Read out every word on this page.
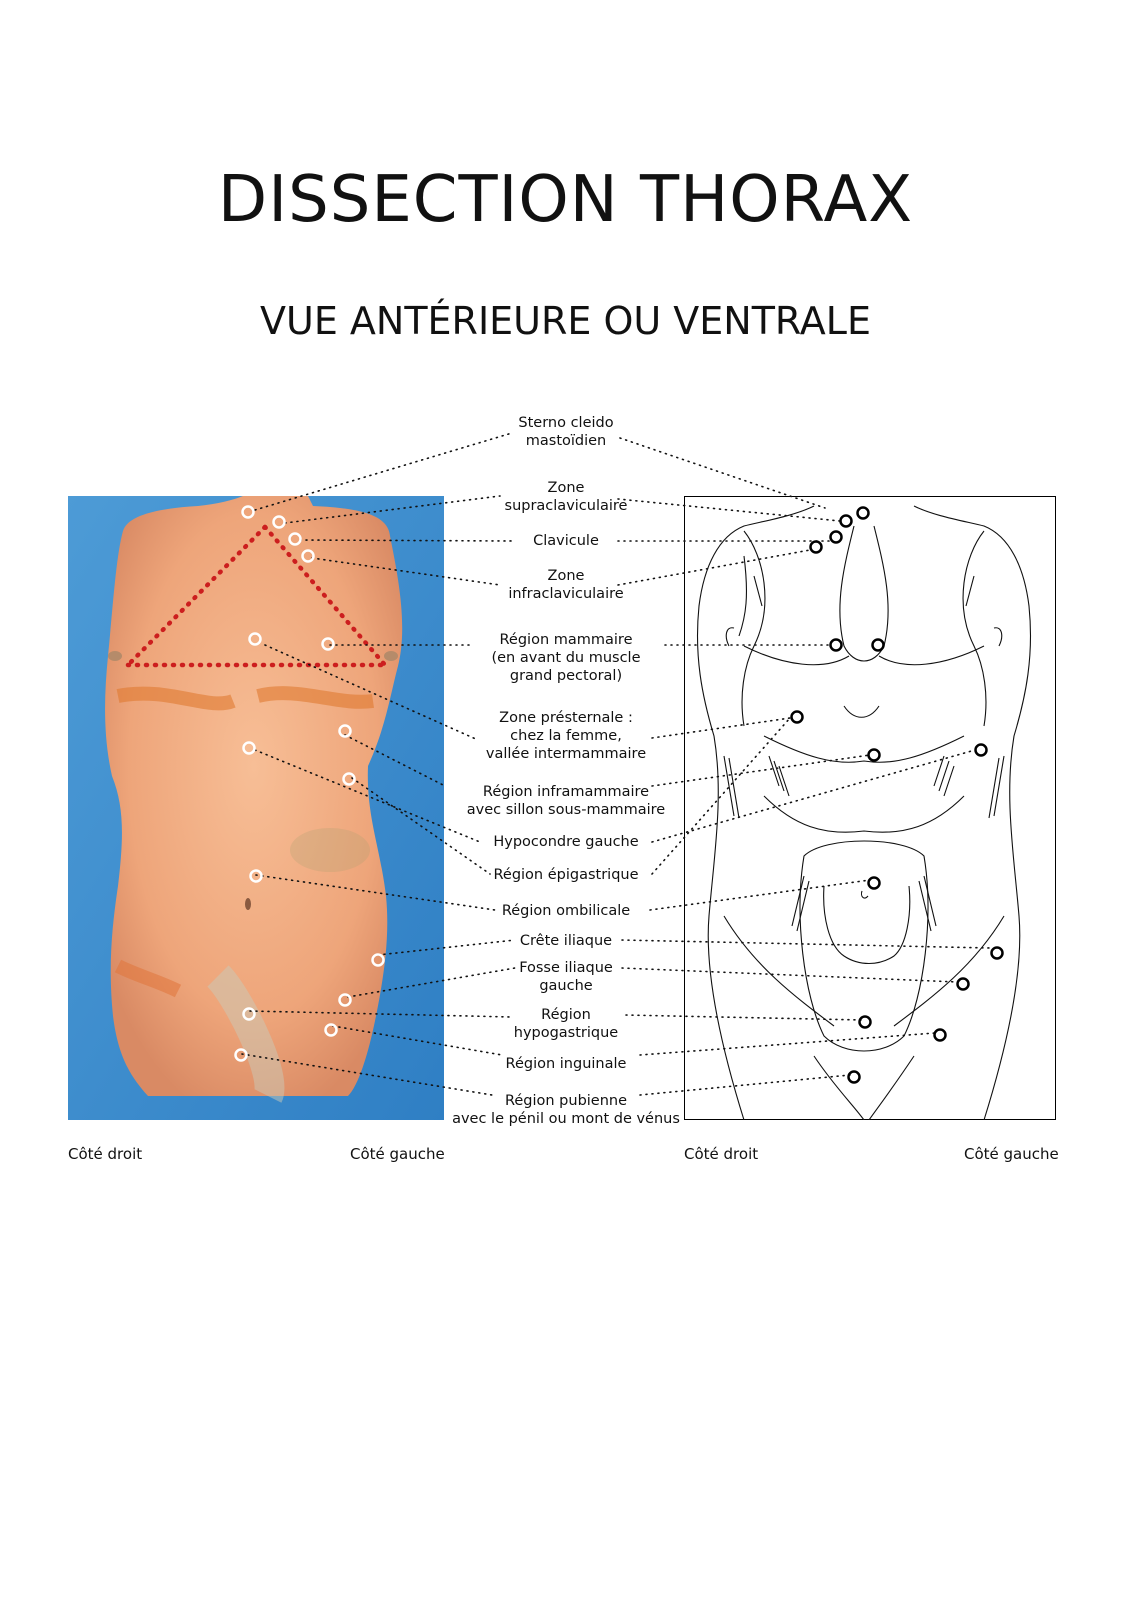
DISSECTION THORAX
VUE ANTÉRIEURE OU VENTRALE
Sterno cleido
mastoïdien
Zone
supraclaviculaire
Clavicule
Zone
infraclaviculaire
Région mammaire
(en avant du muscle
grand pectoral)
Zone présternale :
chez la femme,
vallée intermammaire
Région inframammaire
avec sillon sous-mammaire
Hypocondre gauche
Région épigastrique
Région ombilicale
Crête iliaque
Fosse iliaque
gauche
Région
hypogastrique
Région inguinale
Région pubienne
avec le pénil ou mont de vénus
Côté droit	Côté gauche	Côté droit	Côté gauche
